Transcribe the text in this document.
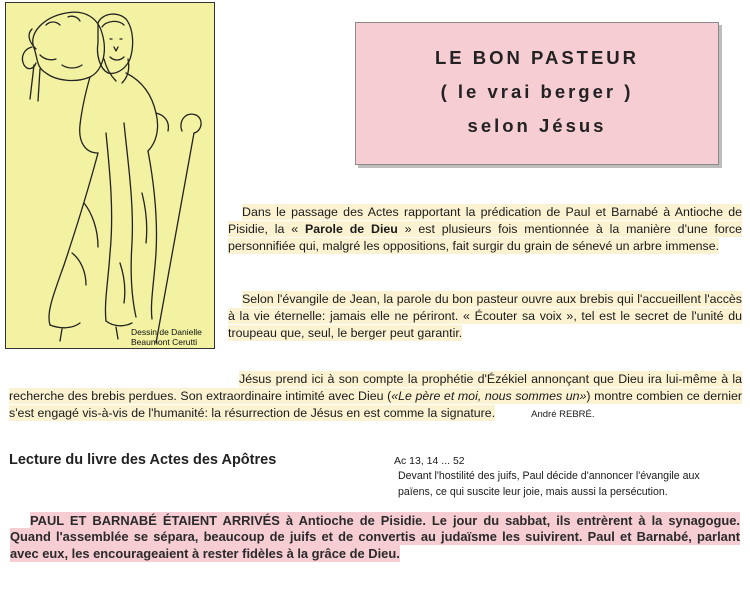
Dessin de Danielle
Beaumont Cerutti
LE BON PASTEUR
( le vrai berger )
selon Jésus
Dans le passage des Actes rapportant la prédication de Paul et Barnabé à Antioche de Pisidie, la « Parole de Dieu » est plusieurs fois mentionnée à la manière d'une force personnifiée qui, malgré les oppositions, fait surgir du grain de sénevé un arbre immense.
Selon l'évangile de Jean, la parole du bon pasteur ouvre aux brebis qui l'accueillent l'accès à la vie éternelle: jamais elle ne périront. « Écouter sa voix », tel est le secret de l'unité du troupeau que, seul, le berger peut garantir.
Jésus prend ici à son compte la prophétie d'Ézékiel annonçant que Dieu ira lui-même à la recherche des brebis perdues. Son extraordinaire intimité avec Dieu («Le père et moi, nous sommes un») montre combien ce dernier s'est engagé vis-à-vis de l'humanité: la résurrection de Jésus en est comme la signature.	André REBRÉ.
Lecture du livre des Actes des Apôtres	Ac 13, 14 ... 52
Devant l'hostilité des juifs, Paul décide d'annoncer l'évangile aux païens, ce qui suscite leur joie, mais aussi la persécution.
PAUL ET BARNABÉ ÉTAIENT ARRIVÉS à Antioche de Pisidie. Le jour du sabbat, ils entrèrent à la synagogue. Quand l'assemblée se sépara, beaucoup de juifs et de convertis au judaïsme les suivirent. Paul et Barnabé, parlant avec eux, les encourageaient à rester fidèles à la grâce de Dieu.
